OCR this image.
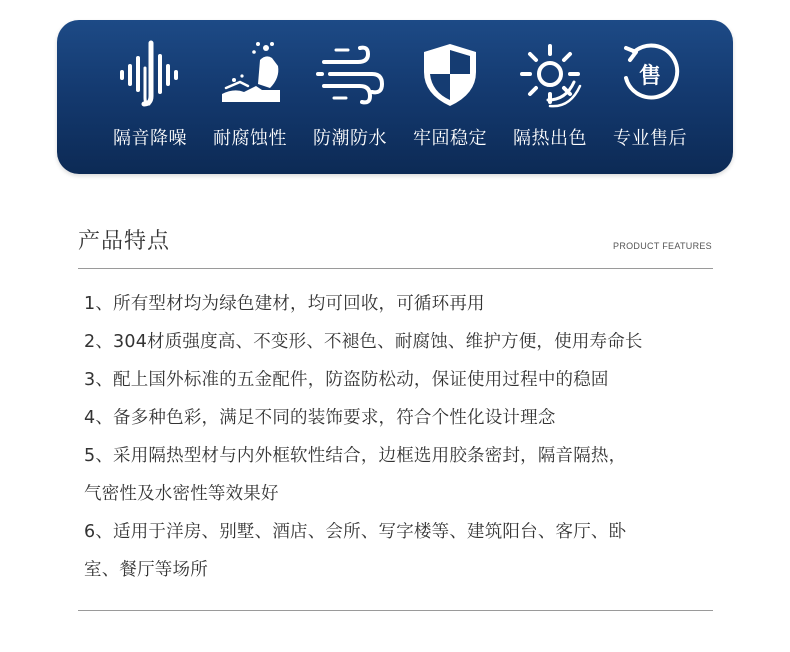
隔音降噪	耐腐蚀性	防潮防水	牢固稳定	隔热出色
售
专业售后
产品特点	PRODUCT FEATURES
1、所有型材均为绿色建材，均可回收，可循环再用
2、304材质强度高、不变形、不褪色、耐腐蚀、维护方便，使用寿命长
3、配上国外标准的五金配件，防盗防松动，保证使用过程中的稳固
4、备多种色彩，满足不同的装饰要求，符合个性化设计理念
5、采用隔热型材与内外框软性结合，边框选用胶条密封，隔音隔热，
气密性及水密性等效果好
6、适用于洋房、别墅、酒店、会所、写字楼等、建筑阳台、客厅、卧
室、餐厅等场所
